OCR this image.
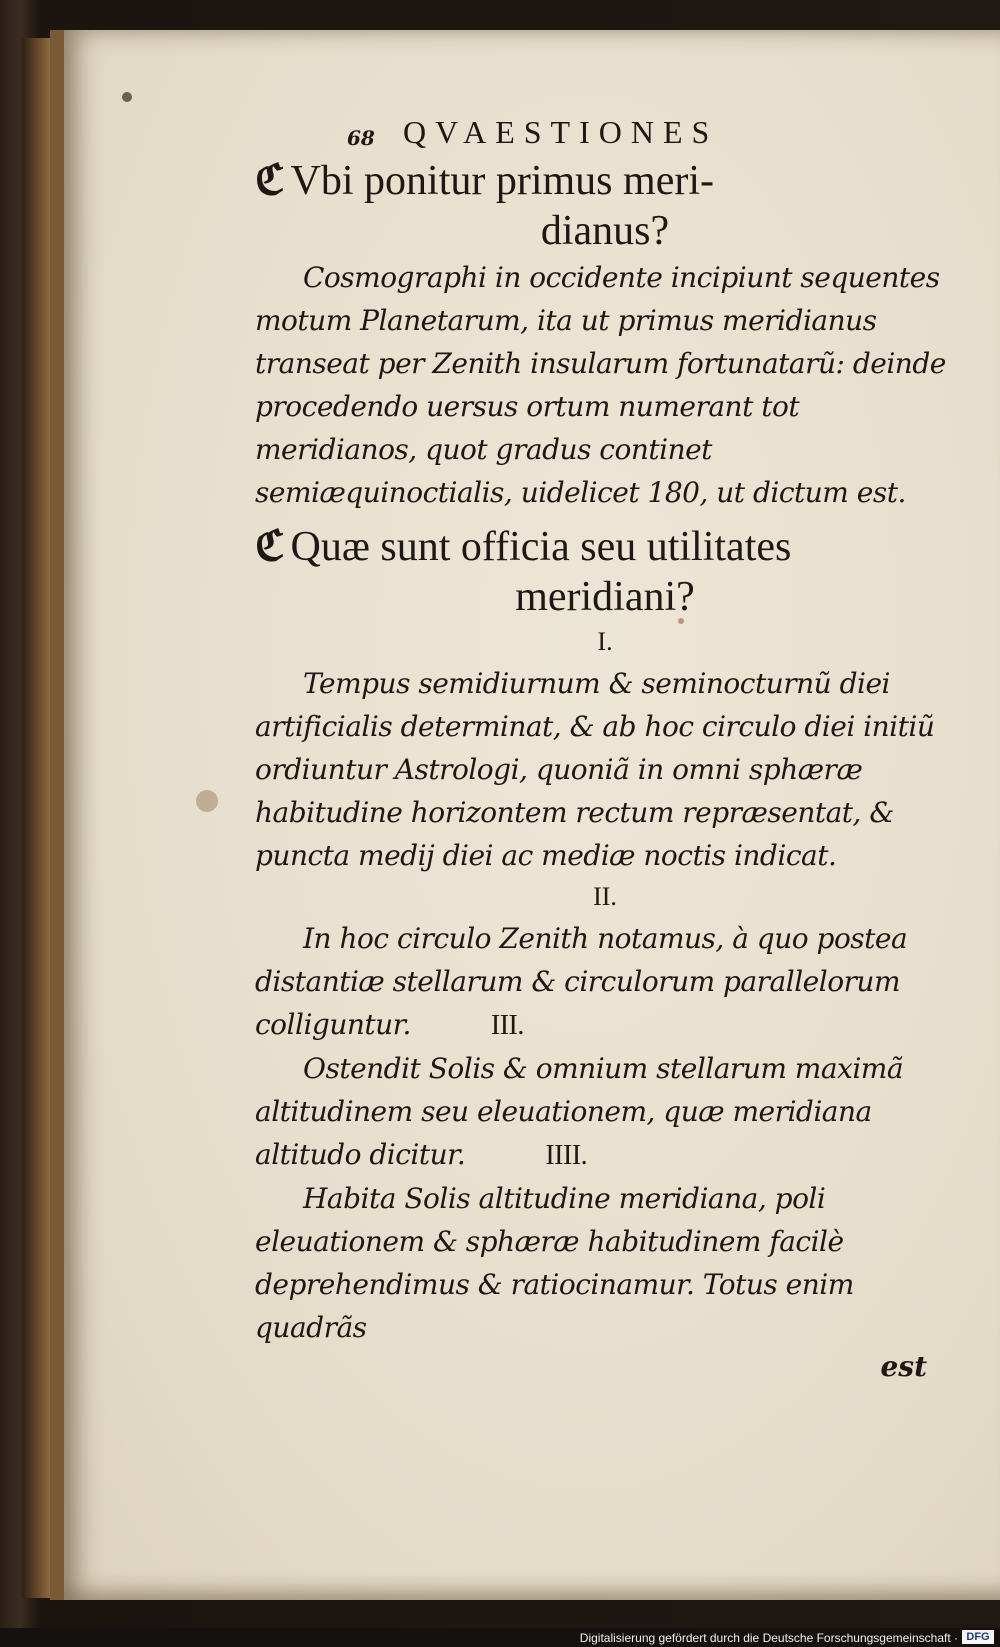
68 QVAESTIONES
ℭ Vbi ponitur primus meri-
dianus?

Cosmographi in occidente incipiunt sequentes motum Planetarum, ita ut primus meridianus transeat per Zenith insularum fortunatarũ: deinde procedendo uersus ortum numerant tot meridianos, quot gradus continet semiæquinoctialis, uidelicet 180, ut dictum est.

ℭ Quæ sunt officia seu utilitates
meridiani?
I.

Tempus semidiurnum & seminocturnũ diei artificialis determinat, & ab hoc circulo diei initiũ ordiuntur Astrologi, quoniã in omni sphæræ habitudine horizontem rectum repræsentat, & puncta medij diei ac mediæ noctis indicat.

II.

In hoc circulo Zenith notamus, à quo postea distantiæ stellarum & circulorum parallelorum colliguntur.	III.

Ostendit Solis & omnium stellarum maximã altitudinem seu eleuationem, quæ meridiana altitudo dicitur.	IIII.

Habita Solis altitudine meridiana, poli eleuationem & sphæræ habitudinem facilè deprehendimus & ratiocinamur. Totus enim quadrãs

est
Digitalisierung gefördert durch die Deutsche Forschungsgemeinschaft · DFG
